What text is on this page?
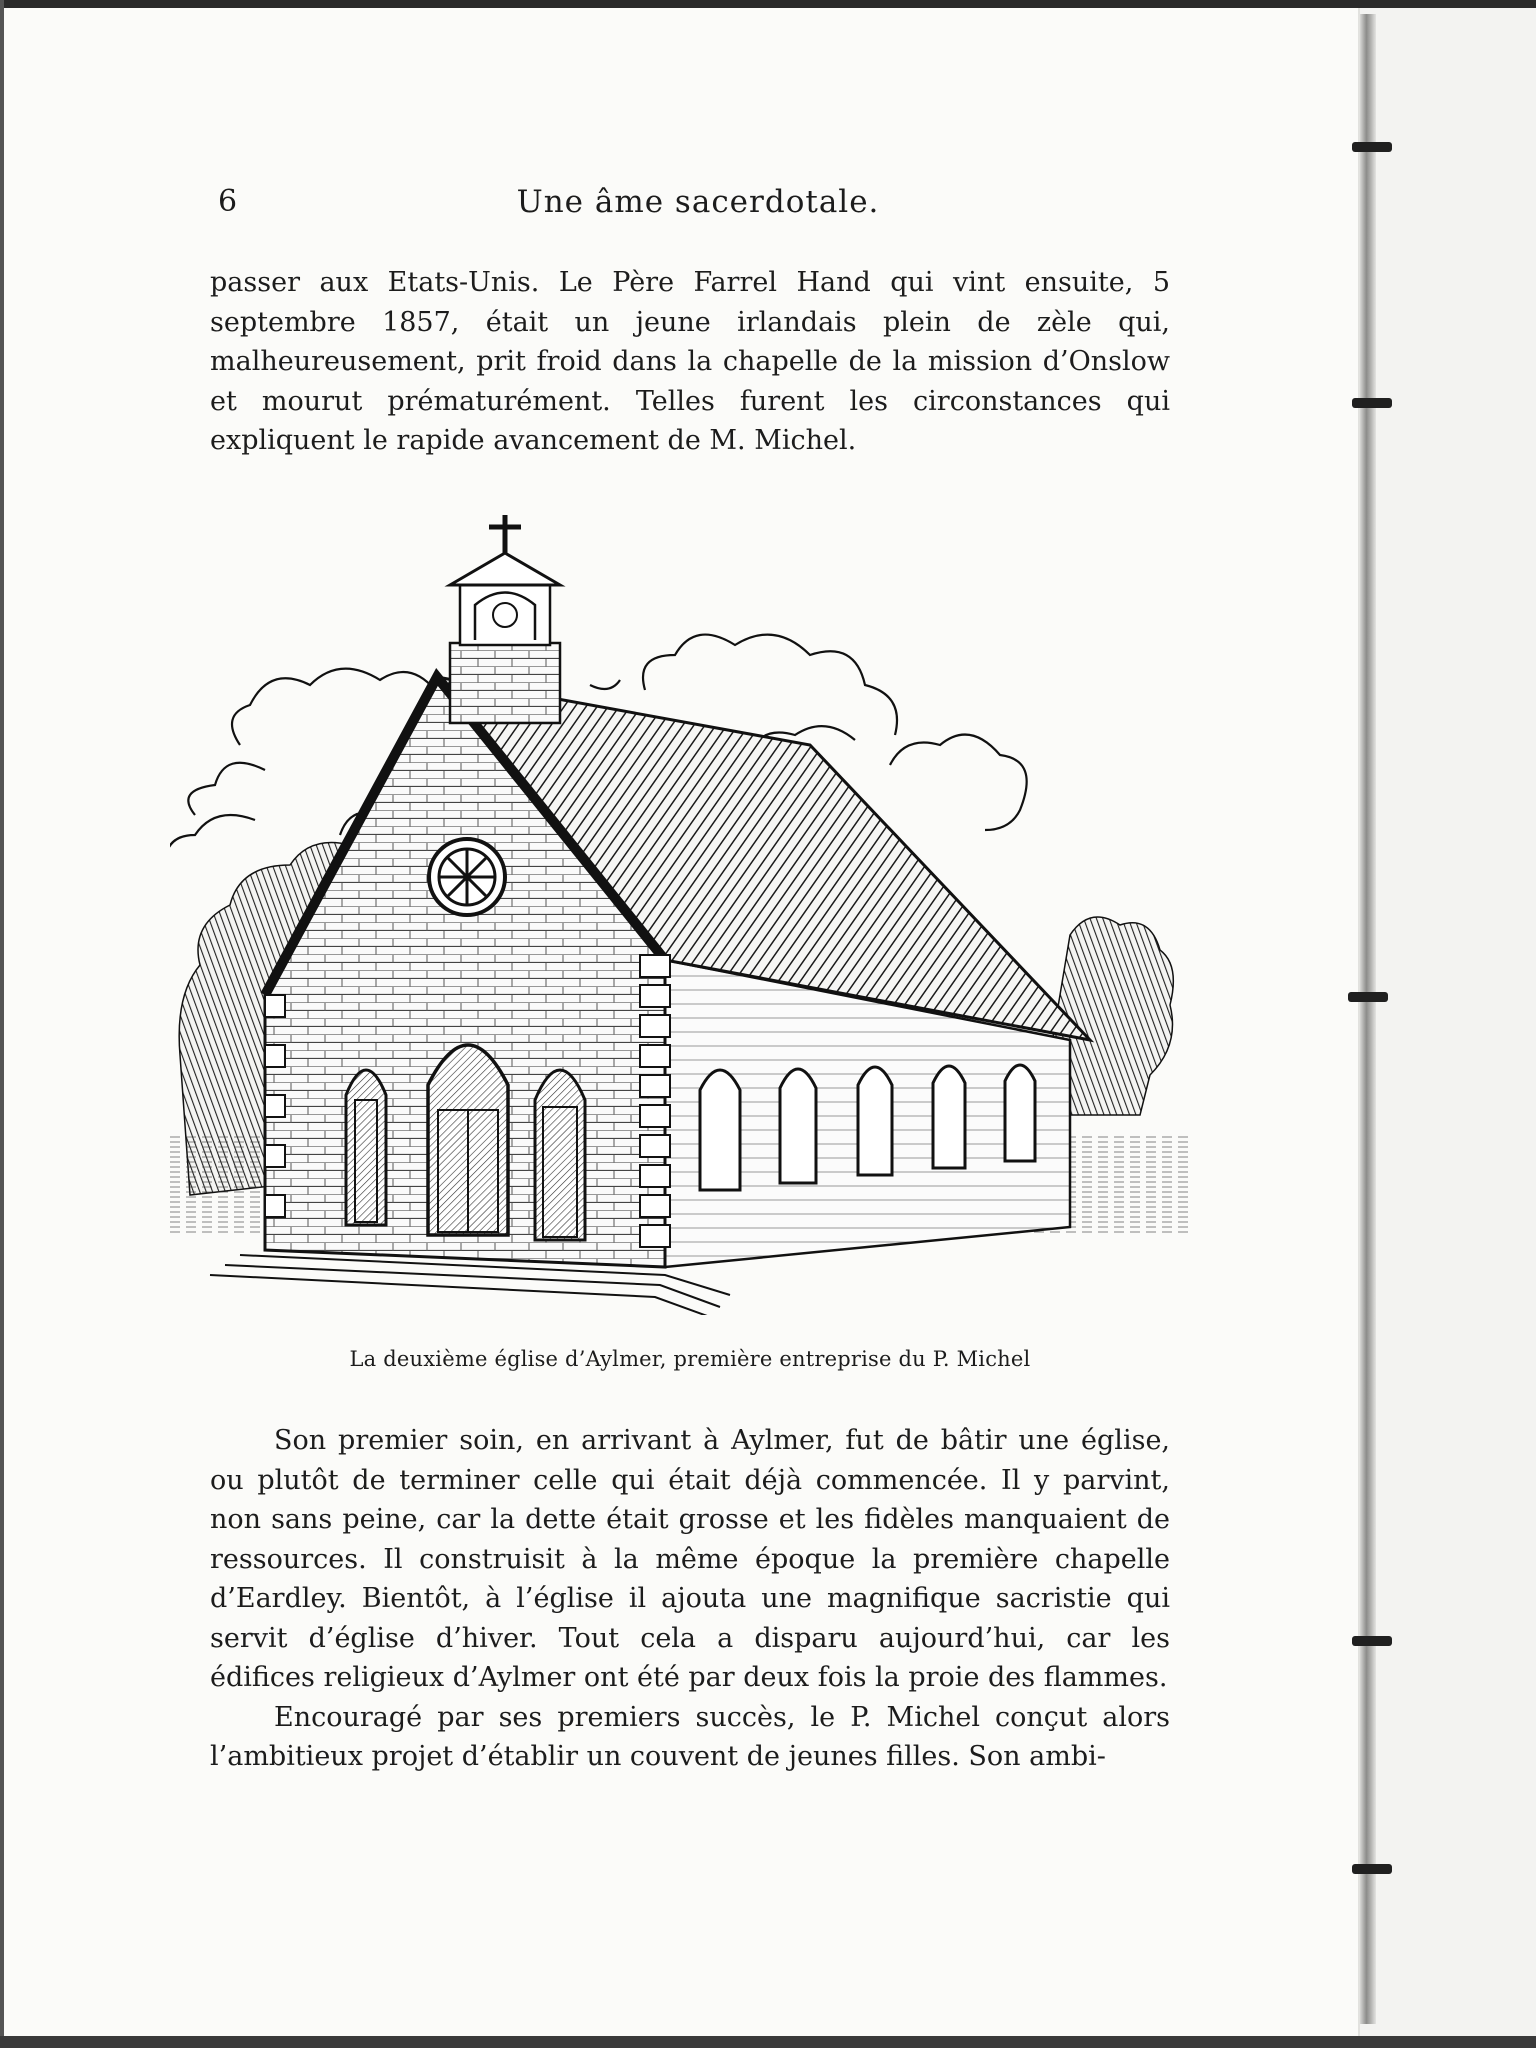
6	Une âme sacerdotale.

passer aux Etats-Unis. Le Père Farrel Hand qui vint ensuite, 5 septembre 1857, était un jeune irlandais plein de zèle qui, malheureusement, prit froid dans la chapelle de la mission d’Onslow et mourut prématurément. Telles furent les circonstances qui expliquent le rapide avancement de M. Michel.

La deuxième église d’Aylmer, première entreprise du P. Michel

Son premier soin, en arrivant à Aylmer, fut de bâtir une église, ou plutôt de terminer celle qui était déjà commencée. Il y parvint, non sans peine, car la dette était grosse et les fidèles manquaient de ressources. Il construisit à la même époque la première chapelle d’Eardley. Bientôt, à l’église il ajouta une magnifique sacristie qui servit d’église d’hiver. Tout cela a disparu aujourd’hui, car les édifices religieux d’Aylmer ont été par deux fois la proie des flammes.

Encouragé par ses premiers succès, le P. Michel conçut alors l’ambitieux projet d’établir un couvent de jeunes filles. Son ambi-
